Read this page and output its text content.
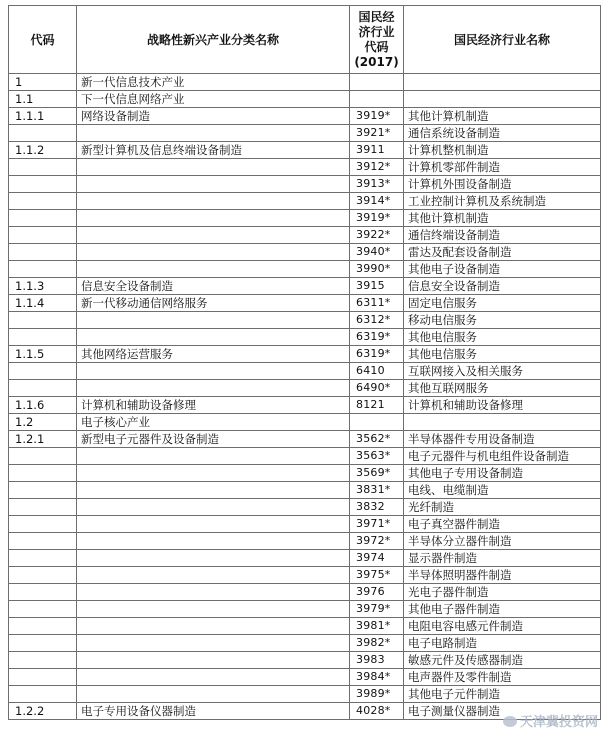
代码	战略性新兴产业分类名称	国民经
济行业
代码
(2017)	国民经济行业名称
1	新一代信息技术产业		
1.1	下一代信息网络产业		
1.1.1	网络设备制造	3919*	其他计算机制造
		3921*	通信系统设备制造
1.1.2	新型计算机及信息终端设备制造	3911	计算机整机制造
		3912*	计算机零部件制造
		3913*	计算机外围设备制造
		3914*	工业控制计算机及系统制造
		3919*	其他计算机制造
		3922*	通信终端设备制造
		3940*	雷达及配套设备制造
		3990*	其他电子设备制造
1.1.3	信息安全设备制造	3915	信息安全设备制造
1.1.4	新一代移动通信网络服务	6311*	固定电信服务
		6312*	移动电信服务
		6319*	其他电信服务
1.1.5	其他网络运营服务	6319*	其他电信服务
		6410	互联网接入及相关服务
		6490*	其他互联网服务
1.1.6	计算机和辅助设备修理	8121	计算机和辅助设备修理
1.2	电子核心产业		
1.2.1	新型电子元器件及设备制造	3562*	半导体器件专用设备制造
		3563*	电子元器件与机电组件设备制造
		3569*	其他电子专用设备制造
		3831*	电线、电缆制造
		3832	光纤制造
		3971*	电子真空器件制造
		3972*	半导体分立器件制造
		3974	显示器件制造
		3975*	半导体照明器件制造
		3976	光电子器件制造
		3979*	其他电子器件制造
		3981*	电阻电容电感元件制造
		3982*	电子电路制造
		3983	敏感元件及传感器制造
		3984*	电声器件及零件制造
		3989*	其他电子元件制造
1.2.2	电子专用设备仪器制造	4028*	电子测量仪器制造
天津冀投资网
